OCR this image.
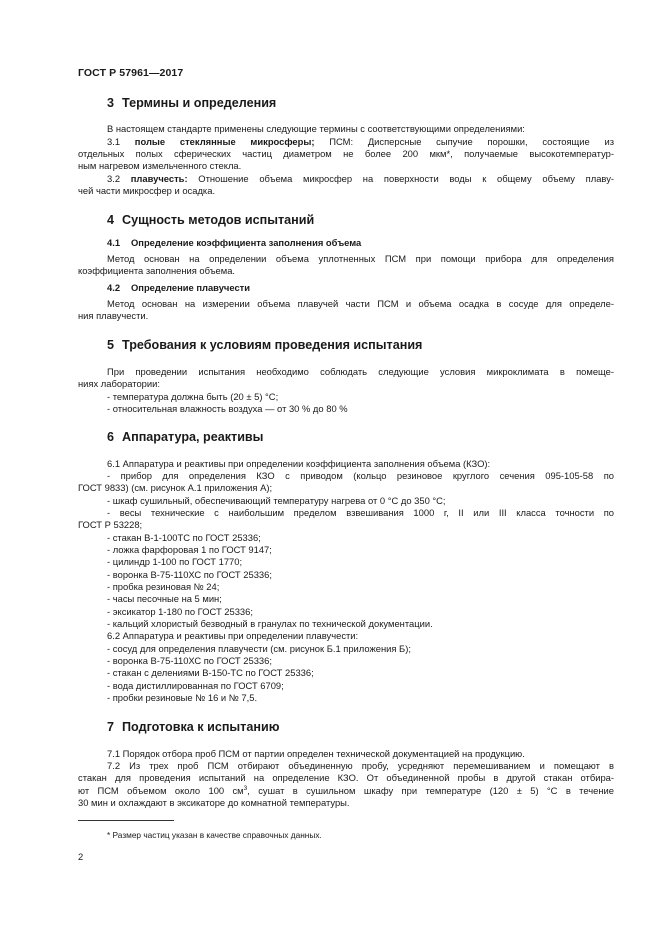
ГОСТ Р 57961—2017
3 Термины и определения
В настоящем стандарте применены следующие термины с соответствующими определениями:
3.1 полые стеклянные микросферы; ПСМ: Дисперсные сыпучие порошки, состоящие из
отдельных полых сферических частиц диаметром не более 200 мкм*, получаемые высокотемператур-
ным нагревом измельченного стекла.
3.2 плавучесть: Отношение объема микросфер на поверхности воды к общему объему плаву-
чей части микросфер и осадка.
4 Сущность методов испытаний
4.1 Определение коэффициента заполнения объема
Метод основан на определении объема уплотненных ПСМ при помощи прибора для определения
коэффициента заполнения объема.
4.2 Определение плавучести
Метод основан на измерении объема плавучей части ПСМ и объема осадка в сосуде для определе-
ния плавучести.
5 Требования к условиям проведения испытания
При проведении испытания необходимо соблюдать следующие условия микроклимата в помеще-
ниях лаборатории:
- температура должна быть (20 ± 5) °С;
- относительная влажность воздуха — от 30 % до 80 %
6 Аппаратура, реактивы
6.1 Аппаратура и реактивы при определении коэффициента заполнения объема (КЗО):
- прибор для определения КЗО с приводом (кольцо резиновое круглого сечения 095-105-58 по
ГОСТ 9833) (см. рисунок А.1 приложения А);
- шкаф сушильный, обеспечивающий температуру нагрева от 0 °С до 350 °С;
- весы технические с наибольшим пределом взвешивания 1000 г, II или III класса точности по
ГОСТ Р 53228;
- стакан В-1-100ТС по ГОСТ 25336;
- ложка фарфоровая 1 по ГОСТ 9147;
- цилиндр 1-100 по ГОСТ 1770;
- воронка В-75-110ХС по ГОСТ 25336;
- пробка резиновая № 24;
- часы песочные на 5 мин;
- эксикатор 1-180 по ГОСТ 25336;
- кальций хлористый безводный в гранулах по технической документации.
6.2 Аппаратура и реактивы при определении плавучести:
- сосуд для определения плавучести (см. рисунок Б.1 приложения Б);
- воронка В-75-110ХС по ГОСТ 25336;
- стакан с делениями В-150-ТС по ГОСТ 25336;
- вода дистиллированная по ГОСТ 6709;
- пробки резиновые № 16 и № 7,5.
7 Подготовка к испытанию
7.1 Порядок отбора проб ПСМ от партии определен технической документацией на продукцию.
7.2 Из трех проб ПСМ отбирают объединенную пробу, усредняют перемешиванием и помещают в
стакан для проведения испытаний на определение КЗО. От объединенной пробы в другой стакан отбира-
ют ПСМ объемом около 100 $см^3$, сушат в сушильном шкафу при температуре (120 ± 5) °С в течение
30 мин и охлаждают в эксикаторе до комнатной температуры.
* Размер частиц указан в качестве справочных данных.
2
